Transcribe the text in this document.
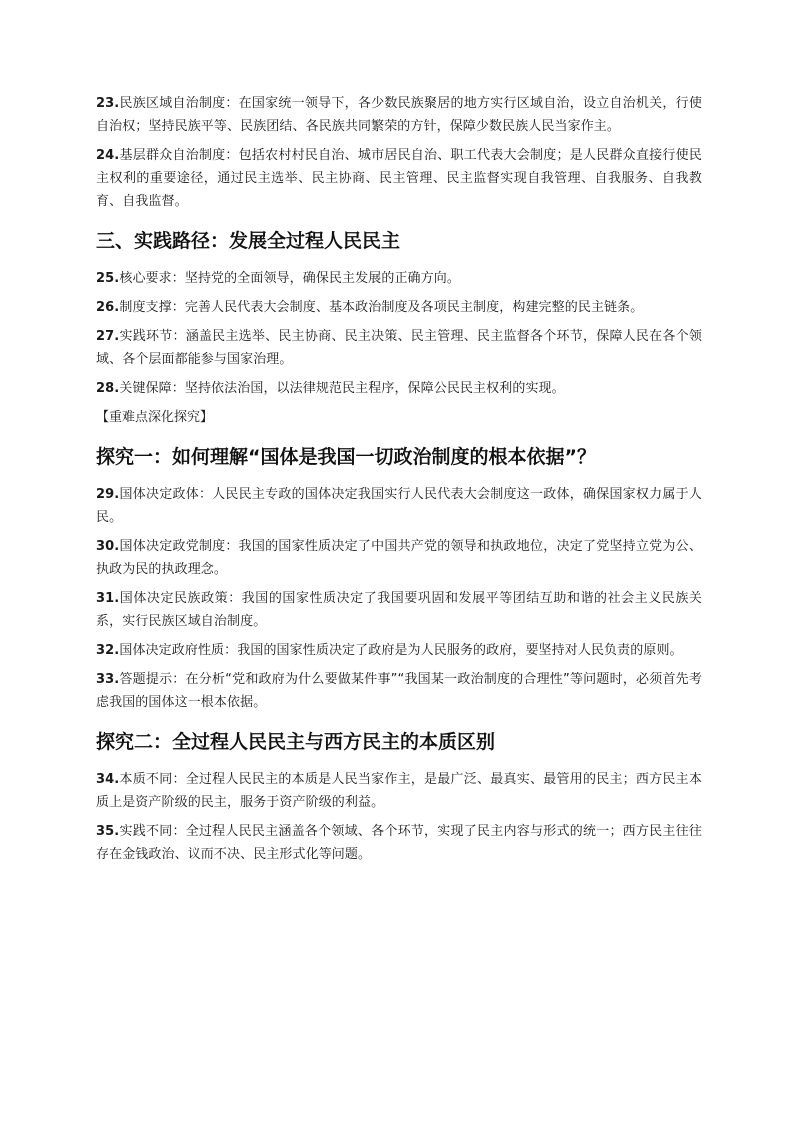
23.民族区域自治制度：在国家统一领导下，各少数民族聚居的地方实行区域自治，设立自治机关，行使自治权；坚持民族平等、民族团结、各民族共同繁荣的方针，保障少数民族人民当家作主。

24.基层群众自治制度：包括农村村民自治、城市居民自治、职工代表大会制度；是人民群众直接行使民主权利的重要途径，通过民主选举、民主协商、民主管理、民主监督实现自我管理、自我服务、自我教育、自我监督。

三、实践路径：发展全过程人民民主

25.核心要求：坚持党的全面领导，确保民主发展的正确方向。

26.制度支撑：完善人民代表大会制度、基本政治制度及各项民主制度，构建完整的民主链条。

27.实践环节：涵盖民主选举、民主协商、民主决策、民主管理、民主监督各个环节，保障人民在各个领域、各个层面都能参与国家治理。

28.关键保障：坚持依法治国，以法律规范民主程序，保障公民民主权利的实现。

【重难点深化探究】

探究一：如何理解“国体是我国一切政治制度的根本依据”？

29.国体决定政体：人民民主专政的国体决定我国实行人民代表大会制度这一政体，确保国家权力属于人民。

30.国体决定政党制度：我国的国家性质决定了中国共产党的领导和执政地位，决定了党坚持立党为公、执政为民的执政理念。

31.国体决定民族政策：我国的国家性质决定了我国要巩固和发展平等团结互助和谐的社会主义民族关系，实行民族区域自治制度。

32.国体决定政府性质：我国的国家性质决定了政府是为人民服务的政府，要坚持对人民负责的原则。

33.答题提示：在分析“党和政府为什么要做某件事”“我国某一政治制度的合理性”等问题时，必须首先考虑我国的国体这一根本依据。

探究二：全过程人民民主与西方民主的本质区别

34.本质不同：全过程人民民主的本质是人民当家作主，是最广泛、最真实、最管用的民主；西方民主本质上是资产阶级的民主，服务于资产阶级的利益。

35.实践不同：全过程人民民主涵盖各个领域、各个环节，实现了民主内容与形式的统一；西方民主往往存在金钱政治、议而不决、民主形式化等问题。
